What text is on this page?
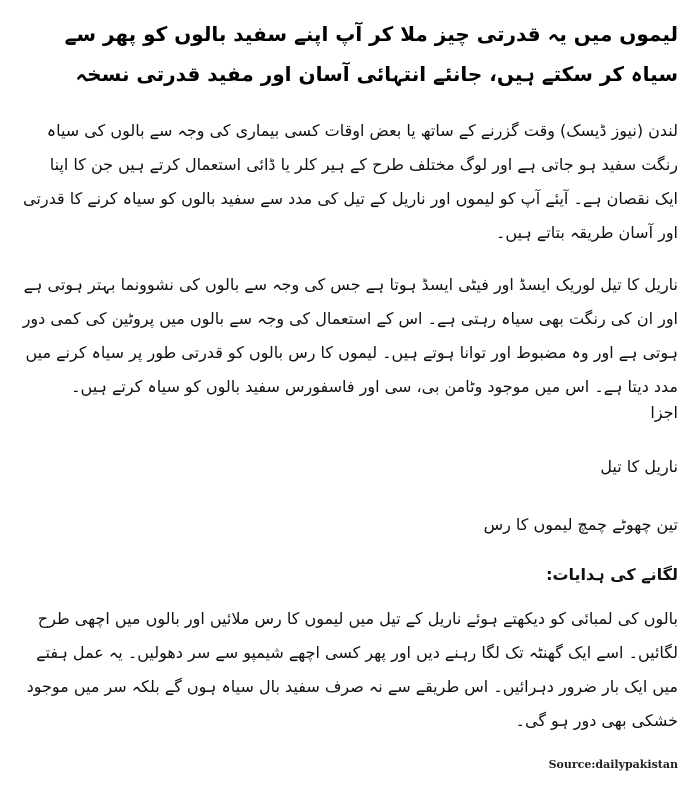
لیموں میں یہ قدرتی چیز ملا کر آپ اپنے سفید بالوں کو پھر سے سیاہ کر سکتے ہیں، جانئے انتہائی آسان اور مفید قدرتی نسخہ

لندن (نیوز ڈیسک) وقت گزرنے کے ساتھ یا بعض اوقات کسی بیماری کی وجہ سے بالوں کی سیاہ رنگت سفید ہو جاتی ہے اور لوگ مختلف طرح کے ہیر کلر یا ڈائی استعمال کرتے ہیں جن کا اپنا ایک نقصان ہے۔ آیئے آپ کو لیموں اور ناریل کے تیل کی مدد سے سفید بالوں کو سیاہ کرنے کا قدرتی اور آسان طریقہ بتاتے ہیں۔

ناریل کا تیل لوریک ایسڈ اور فیٹی ایسڈ ہوتا ہے جس کی وجہ سے بالوں کی نشوونما بہتر ہوتی ہے اور ان کی رنگت بھی سیاہ رہتی ہے۔ اس کے استعمال کی وجہ سے بالوں میں پروٹین کی کمی دور ہوتی ہے اور وہ مضبوط اور توانا ہوتے ہیں۔ لیموں کا رس بالوں کو قدرتی طور پر سیاہ کرنے میں مدد دیتا ہے۔ اس میں موجود وٹامن بی، سی اور فاسفورس سفید بالوں کو سیاہ کرتے ہیں۔

اجزا

ناریل کا تیل

تین چھوٹے چمچ لیموں کا رس

لگانے کی ہدایات:

بالوں کی لمبائی کو دیکھتے ہوئے ناریل کے تیل میں لیموں کا رس ملائیں اور بالوں میں اچھی طرح لگائیں۔ اسے ایک گھنٹہ تک لگا رہنے دیں اور پھر کسی اچھے شیمپو سے سر دھولیں۔ یہ عمل ہفتے میں ایک بار ضرور دہرائیں۔ اس طریقے سے نہ صرف سفید بال سیاہ ہوں گے بلکہ سر میں موجود خشکی بھی دور ہو گی۔

Source:dailypakistan
